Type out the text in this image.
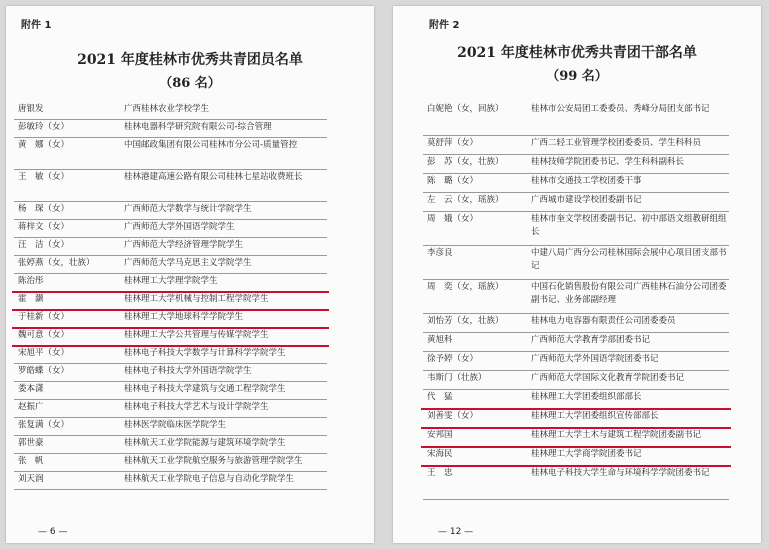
附件 1
2021 年度桂林市优秀共青团员名单
（86 名）
唐银发	广西桂林农业学校学生
彭敏玲（女）	桂林电器科学研究院有限公司-综合管理
黄　娜（女）	中国邮政集团有限公司桂林市分公司-质量管控
王　敏（女）	桂林港建高速公路有限公司桂林七星站收费班长
杨　琛（女）	广西师范大学数学与统计学院学生
蒋梓文（女）	广西师范大学外国语学院学生
汪　洁（女）	广西师范大学经济管理学院学生
张婷燕（女，壮族）	广西师范大学马克思主义学院学生
陈治彤	桂林理工大学理学院学生
霍　灏	桂林理工大学机械与控制工程学院学生
于桂新（女）	桂林理工大学地球科学学院学生
魏可意（女）	桂林理工大学公共管理与传媒学院学生
宋旭平（女）	桂林电子科技大学数学与计算科学学院学生
罗皓蝶（女）	桂林电子科技大学外国语学院学生
娄本潇	桂林电子科技大学建筑与交通工程学院学生
赵振广	桂林电子科技大学艺术与设计学院学生
张复满（女）	桂林医学院临床医学院学生
郭世豪	桂林航天工业学院能源与建筑环境学院学生
张　帆	桂林航天工业学院航空服务与旅游管理学院学生
刘天润	桂林航天工业学院电子信息与自动化学院学生
— 6 —
附件 2
2021 年度桂林市优秀共青团干部名单
（99 名）
白妮艳（女，回族）	桂林市公安局团工委委员、秀峰分局团支部书记
莫舒萍（女）	广西二轻工业管理学校团委委员、学生科科员
彭　苏（女，壮族）	桂林技师学院团委书记、学生科科副科长
陈　璐（女）	桂林市交通技工学校团委干事
左　云（女，瑶族）	广西城市建设学校团委副书记
周　娥（女）	桂林市奎文学校团委副书记、初中部语文组教研组组长
李彦良	中建八局广西分公司桂林国际会展中心项目团支部书记
周　奕（女，瑶族）	中国石化销售股份有限公司广西桂林石油分公司团委副书记、业务部副经理
刘怡芳（女，壮族）	桂林电力电容器有限责任公司团委委员
黄旭科	广西师范大学教育学部团委书记
徐予婷（女）	广西师范大学外国语学院团委书记
韦斯门（壮族）	广西师范大学国际文化教育学院团委书记
代　猛	桂林理工大学团委组织部部长
刘善雯（女）	桂林理工大学团委组织宣传部部长
安邦国	桂林理工大学土木与建筑工程学院团委副书记
宋海民	桂林理工大学商学院团委书记
王　忠	桂林电子科技大学生命与环境科学学院团委书记
— 12 —
